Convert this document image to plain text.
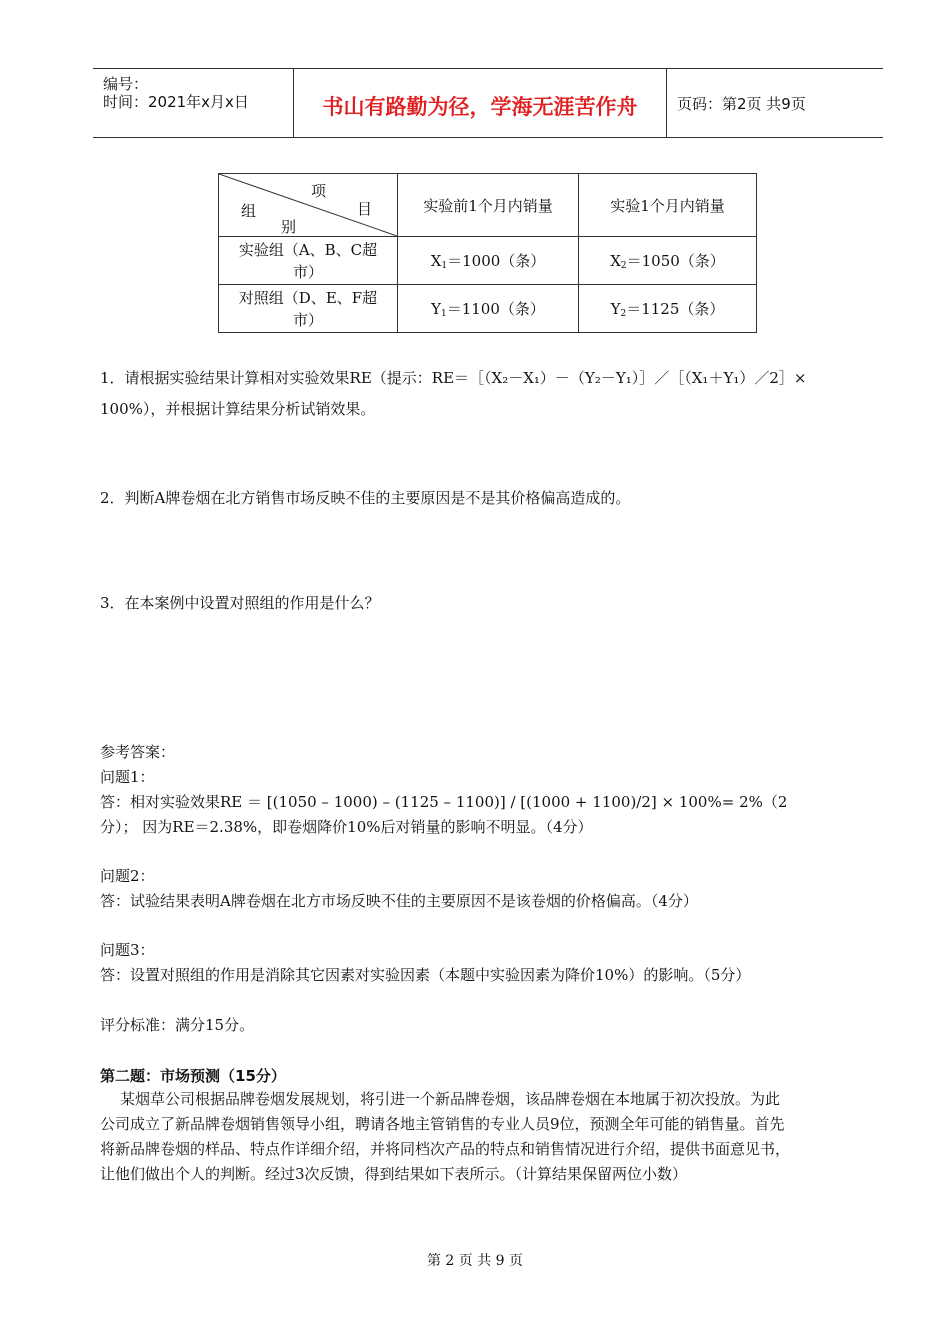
编号：
时间：2021年x月x日	书山有路勤为径，学海无涯苦作舟	页码：第2页 共9页
项
目
组
别	实验前1个月内销量	实验1个月内销量
实验组（A、B、C超
市）	$X_1=1000$（条）	$X_2=1050$（条）
对照组（D、E、F超
市）	$Y_1=1100$（条）	$Y_2=1125$（条）
1．请根据实验结果计算相对实验效果RE（提示：RE＝［（X₂－X₁）－（Y₂－Y₁）］／［（X₁＋Y₁）／2］×
100%），并根据计算结果分析试销效果。
2．判断A牌卷烟在北方销售市场反映不佳的主要原因是不是其价格偏高造成的。
3．在本案例中设置对照组的作用是什么？
参考答案：
问题1：
答：相对实验效果RE ＝ [(1050 – 1000) – (1125 – 1100)] / [(1000 + 1100)/2] × 100%= 2%（2
分）； 因为RE＝2.38%，即卷烟降价10%后对销量的影响不明显。（4分）
问题2：
答：试验结果表明A牌卷烟在北方市场反映不佳的主要原因不是该卷烟的价格偏高。（4分）
问题3：
答：设置对照组的作用是消除其它因素对实验因素（本题中实验因素为降价10%）的影响。（5分）
评分标准：满分15分。
第二题：市场预测（15分）
某烟草公司根据品牌卷烟发展规划，将引进一个新品牌卷烟，该品牌卷烟在本地属于初次投放。为此
公司成立了新品牌卷烟销售领导小组，聘请各地主管销售的专业人员9位，预测全年可能的销售量。首先
将新品牌卷烟的样品、特点作详细介绍，并将同档次产品的特点和销售情况进行介绍，提供书面意见书，
让他们做出个人的判断。经过3次反馈，得到结果如下表所示。（计算结果保留两位小数）
第 2 页 共 9 页
